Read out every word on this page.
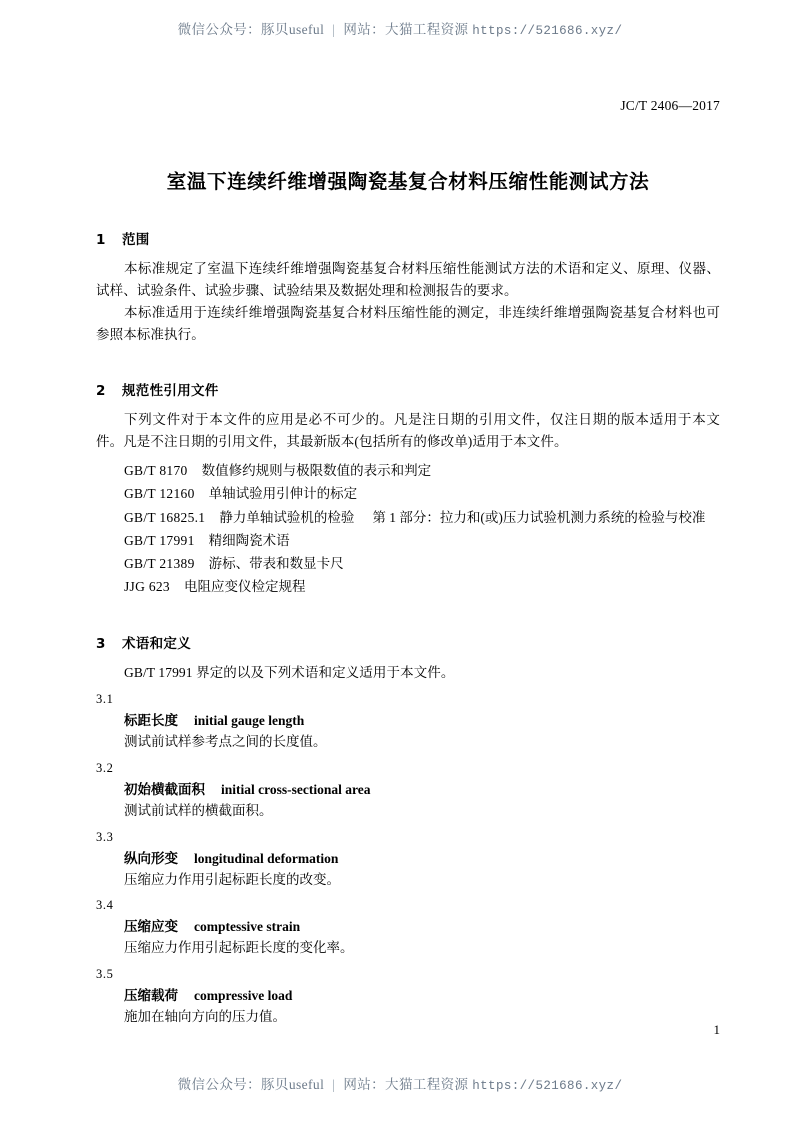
微信公众号：豚贝useful | 网站：大猫工程资源 https://521686.xyz/
JC/T 2406—2017
室温下连续纤维增强陶瓷基复合材料压缩性能测试方法
1 范围

本标准规定了室温下连续纤维增强陶瓷基复合材料压缩性能测试方法的术语和定义、原理、仪器、试样、试验条件、试验步骤、试验结果及数据处理和检测报告的要求。

本标准适用于连续纤维增强陶瓷基复合材料压缩性能的测定，非连续纤维增强陶瓷基复合材料也可参照本标准执行。

2 规范性引用文件

下列文件对于本文件的应用是必不可少的。凡是注日期的引用文件，仅注日期的版本适用于本文件。凡是不注日期的引用文件，其最新版本(包括所有的修改单)适用于本文件。

GB/T 8170 数值修约规则与极限数值的表示和判定
GB/T 12160 单轴试验用引伸计的标定
GB/T 16825.1 静力单轴试验机的检验 第 1 部分：拉力和(或)压力试验机测力系统的检验与校准
GB/T 17991 精细陶瓷术语
GB/T 21389 游标、带表和数显卡尺
JJG 623 电阻应变仪检定规程
3 术语和定义

GB/T 17991 界定的以及下列术语和定义适用于本文件。

3.1
标距长度 initial gauge length
测试前试样参考点之间的长度值。
3.2
初始横截面积 initial cross-sectional area
测试前试样的横截面积。
3.3
纵向形变 longitudinal deformation
压缩应力作用引起标距长度的改变。
3.4
压缩应变 comptessive strain
压缩应力作用引起标距长度的变化率。
3.5
压缩载荷 compressive load
施加在轴向方向的压力值。
1
微信公众号：豚贝useful | 网站：大猫工程资源 https://521686.xyz/
